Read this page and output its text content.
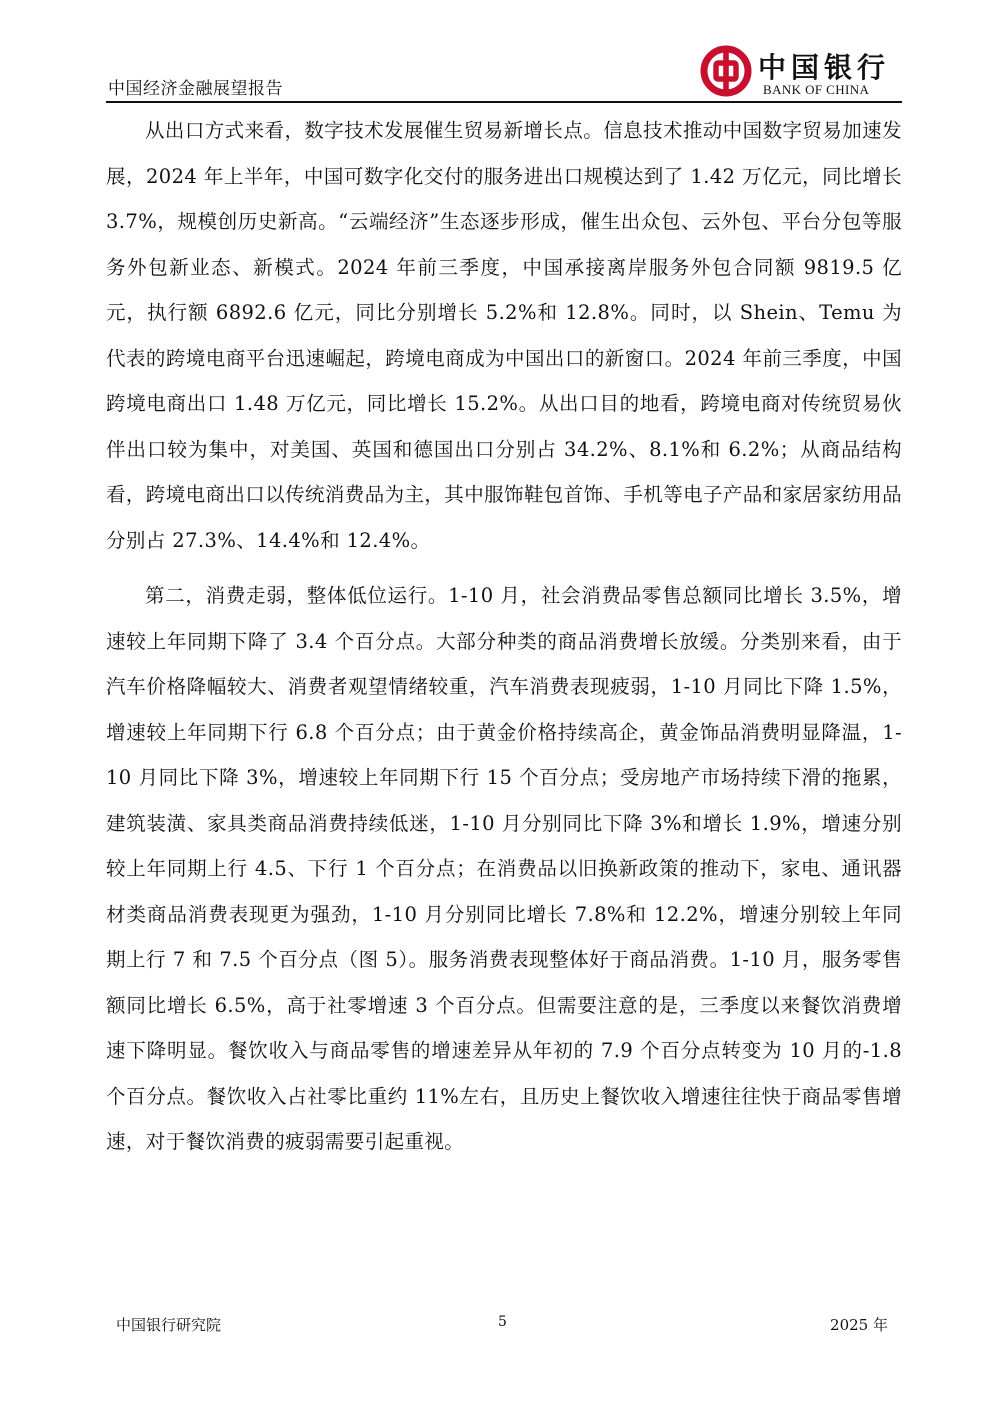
中国经济金融展望报告
中国银行
BANK OF CHINA

从出口方式来看，数字技术发展催生贸易新增长点。信息技术推动中国数字贸易加速发展，2024 年上半年，中国可数字化交付的服务进出口规模达到了 1.42 万亿元，同比增长 3.7%，规模创历史新高。“云端经济”生态逐步形成，催生出众包、云外包、平台分包等服务外包新业态、新模式。2024 年前三季度，中国承接离岸服务外包合同额 9819.5 亿元，执行额 6892.6 亿元，同比分别增长 5.2%和 12.8%。同时，以 Shein、Temu 为代表的跨境电商平台迅速崛起，跨境电商成为中国出口的新窗口。2024 年前三季度，中国跨境电商出口 1.48 万亿元，同比增长 15.2%。从出口目的地看，跨境电商对传统贸易伙伴出口较为集中，对美国、英国和德国出口分别占 34.2%、8.1%和 6.2%；从商品结构看，跨境电商出口以传统消费品为主，其中服饰鞋包首饰、手机等电子产品和家居家纺用品分别占 27.3%、14.4%和 12.4%。

第二，消费走弱，整体低位运行。1-10 月，社会消费品零售总额同比增长 3.5%，增速较上年同期下降了 3.4 个百分点。大部分种类的商品消费增长放缓。分类别来看，由于汽车价格降幅较大、消费者观望情绪较重，汽车消费表现疲弱，1-10 月同比下降 1.5%，增速较上年同期下行 6.8 个百分点；由于黄金价格持续高企，黄金饰品消费明显降温，1-10 月同比下降 3%，增速较上年同期下行 15 个百分点；受房地产市场持续下滑的拖累，建筑装潢、家具类商品消费持续低迷，1-10 月分别同比下降 3%和增长 1.9%，增速分别较上年同期上行 4.5、下行 1 个百分点；在消费品以旧换新政策的推动下，家电、通讯器材类商品消费表现更为强劲，1-10 月分别同比增长 7.8%和 12.2%，增速分别较上年同期上行 7 和 7.5 个百分点（图 5）。服务消费表现整体好于商品消费。1-10 月，服务零售额同比增长 6.5%，高于社零增速 3 个百分点。但需要注意的是，三季度以来餐饮消费增速下降明显。餐饮收入与商品零售的增速差异从年初的 7.9 个百分点转变为 10 月的-1.8 个百分点。餐饮收入占社零比重约 11%左右，且历史上餐饮收入增速往往快于商品零售增速，对于餐饮消费的疲弱需要引起重视。

中国银行研究院	5	2025 年
